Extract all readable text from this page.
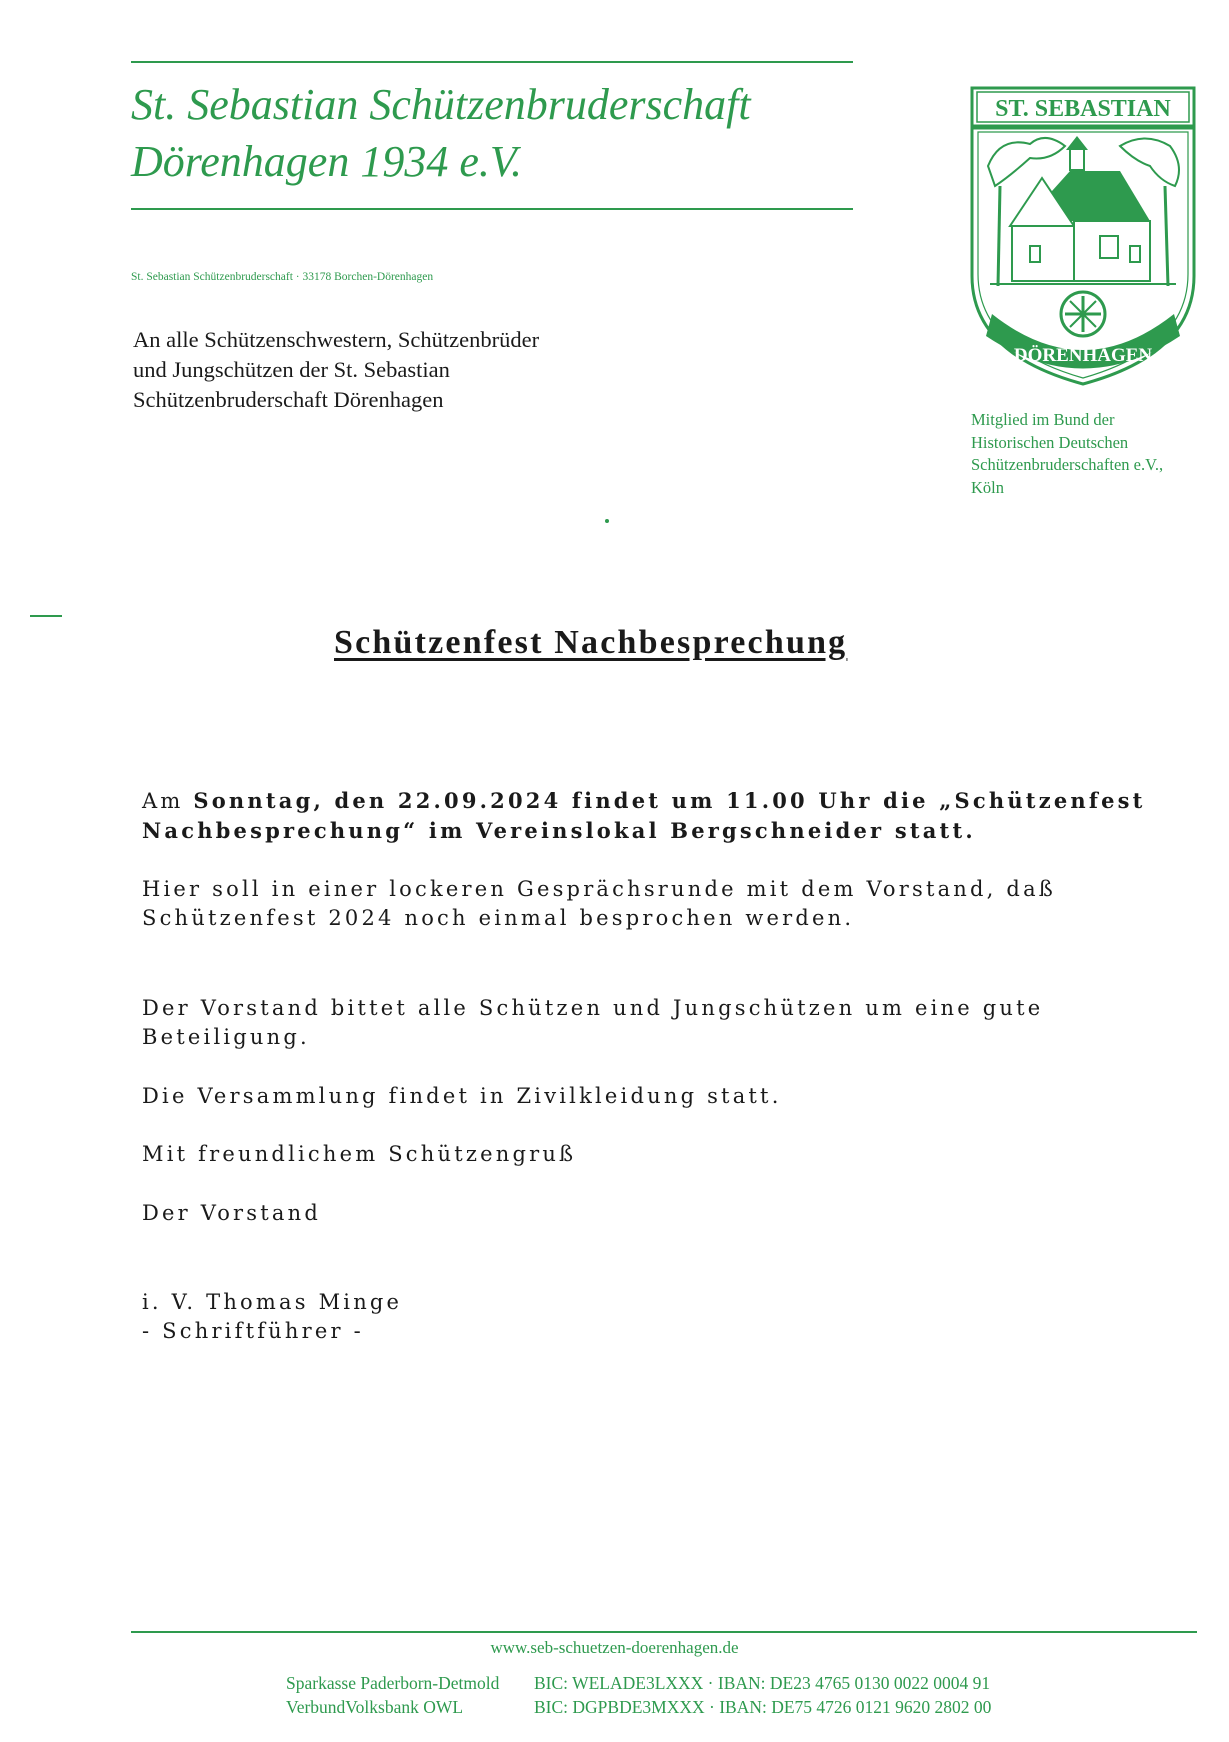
St. Sebastian Schützenbruderschaft
Dörenhagen 1934 e.V.
St. Sebastian Schützenbruderschaft · 33178 Borchen-Dörenhagen
ST. SEBASTIAN
DÖRENHAGEN
An alle Schützenschwestern, Schützenbrüder
und Jungschützen der St. Sebastian
Schützenbruderschaft Dörenhagen
Mitglied im Bund der
Historischen Deutschen
Schützenbruderschaften e.V.,
Köln
Schützenfest Nachbesprechung
Am Sonntag, den 22.09.2024 findet um 11.00 Uhr die „Schützenfest
Nachbesprechung“ im Vereinslokal Bergschneider statt.
Hier soll in einer lockeren Gesprächsrunde mit dem Vorstand, daß
Schützenfest 2024 noch einmal besprochen werden.
Der Vorstand bittet alle Schützen und Jungschützen um eine gute
Beteiligung.
Die Versammlung findet in Zivilkleidung statt.
Mit freundlichem Schützengruß
Der Vorstand
i. V. Thomas Minge
- Schriftführer -
www.seb-schuetzen-doerenhagen.de
Sparkasse Paderborn-Detmold BIC: WELADE3LXXX · IBAN: DE23 4765 0130 0022 0004 91
VerbundVolksbank OWL	BIC: DGPBDE3MXXX · IBAN: DE75 4726 0121 9620 2802 00
